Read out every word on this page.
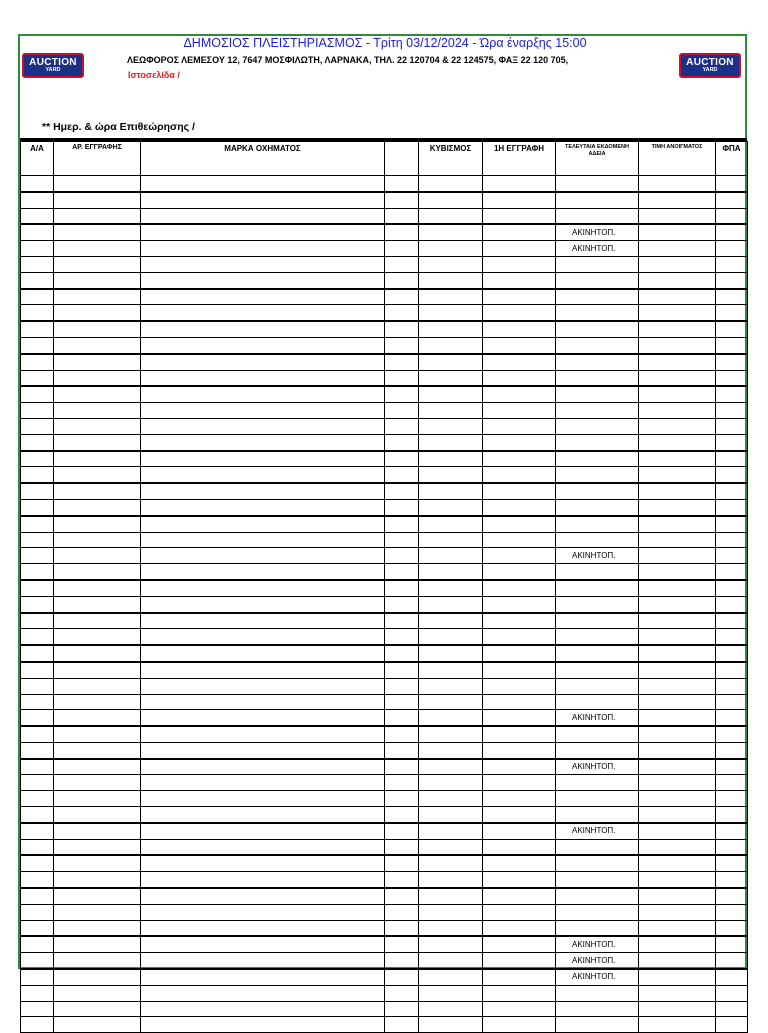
AUCTION
YARD
AUCTION
YARD
ΔΗΜΟΣΙΟΣ ΠΛΕΙΣΤΗΡΙΑΣΜΟΣ - Τρίτη 03/12/2024 - Ώρα έναρξης 15:00
ΛΕΩΦΟΡΟΣ ΛΕΜΕΣΟΥ 12, 7647 ΜΟΣΦΙΛΩΤΗ, ΛΑΡΝΑΚΑ, ΤΗΛ. 22 120704 & 22 124575, ΦΑΞ 22 120 705,
Ιστοσελίδα /
** Ημερ. & ώρα Επιθεώρησης /
Α/Α	ΑΡ. ΕΓΓΡΑΦΗΣ	ΜΑΡΚΑ ΟΧΗΜΑΤΟΣ		ΚΥΒΙΣΜΟΣ	1Η ΕΓΓΡΑΦΗ	ΤΕΛΕΥΤΑΙΑ ΕΚΔΟΜΕΝΗ ΑΔΕΙΑ	ΤΙΜΗ ΑΝΟΙΓΜΑΤΟΣ	ΦΠΑ

						ΑΚΙΝΗΤΟΠ.		
						ΑΚΙΝΗΤΟΠ.		

						ΑΚΙΝΗΤΟΠ.		

						ΑΚΙΝΗΤΟΠ.		

						ΑΚΙΝΗΤΟΠ.		

						ΑΚΙΝΗΤΟΠ.		

						ΑΚΙΝΗΤΟΠ.		
						ΑΚΙΝΗΤΟΠ.		
						ΑΚΙΝΗΤΟΠ.		
